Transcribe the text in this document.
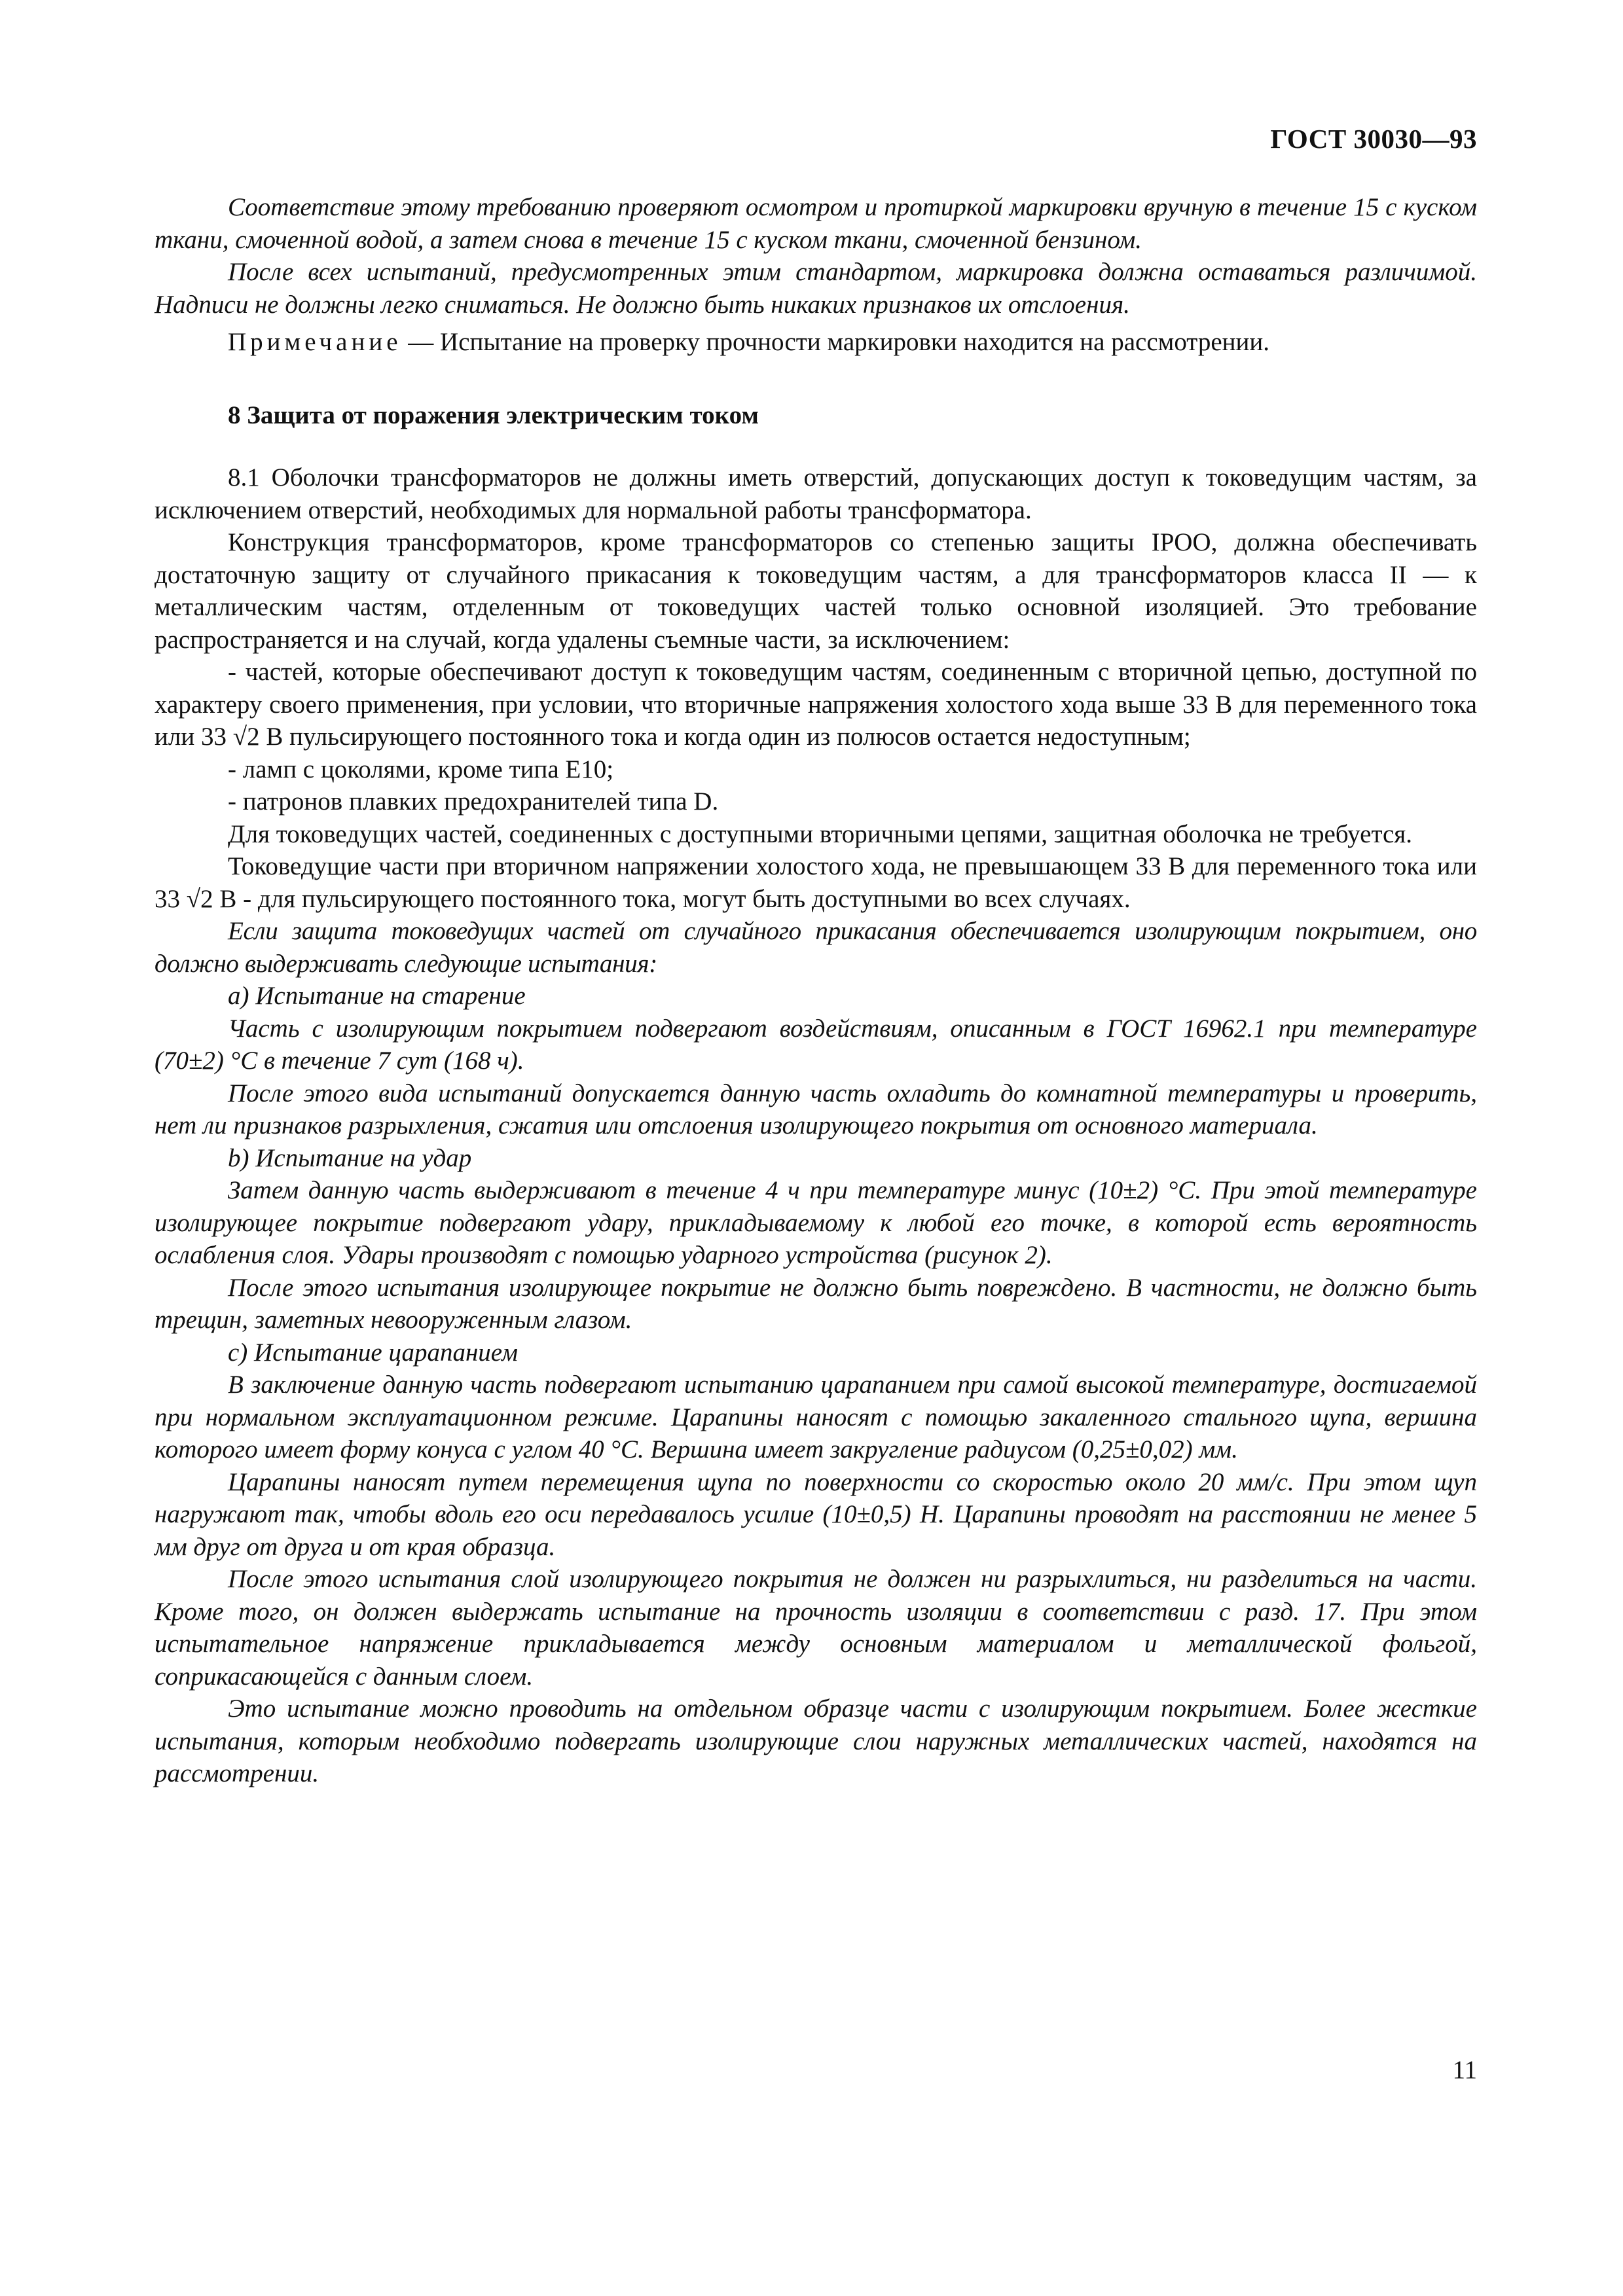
ГОСТ 30030—93

Соответствие этому требованию проверяют осмотром и протиркой маркировки вручную в течение 15 с куском ткани, смоченной водой, а затем снова в течение 15 с куском ткани, смоченной бензином.

После всех испытаний, предусмотренных этим стандартом, маркировка должна оставаться различимой. Надписи не должны легко сниматься. Не должно быть никаких признаков их отслоения.

Примечание — Испытание на проверку прочности маркировки находится на рассмотрении.

8 Защита от поражения электрическим током

8.1 Оболочки трансформаторов не должны иметь отверстий, допускающих доступ к токоведущим частям, за исключением отверстий, необходимых для нормальной работы трансформатора.

Конструкция трансформаторов, кроме трансформаторов со степенью защиты IPOO, должна обеспечивать достаточную защиту от случайного прикасания к токоведущим частям, а для трансформаторов класса II — к металлическим частям, отделенным от токоведущих частей только основной изоляцией. Это требование распространяется и на случай, когда удалены съемные части, за исключением:

- частей, которые обеспечивают доступ к токоведущим частям, соединенным с вторичной цепью, доступной по характеру своего применения, при условии, что вторичные напряжения холостого хода выше 33 В для переменного тока или 33 √2 В пульсирующего постоянного тока и когда один из полюсов остается недоступным;

- ламп с цоколями, кроме типа E10;

- патронов плавких предохранителей типа D.

Для токоведущих частей, соединенных с доступными вторичными цепями, защитная оболочка не требуется.

Токоведущие части при вторичном напряжении холостого хода, не превышающем 33 В для переменного тока или 33 √2 В - для пульсирующего постоянного тока, могут быть доступными во всех случаях.

Если защита токоведущих частей от случайного прикасания обеспечивается изолирующим покрытием, оно должно выдерживать следующие испытания:

a) Испытание на старение

Часть с изолирующим покрытием подвергают воздействиям, описанным в ГОСТ 16962.1 при температуре (70±2) °С в течение 7 сут (168 ч).

После этого вида испытаний допускается данную часть охладить до комнатной температуры и проверить, нет ли признаков разрыхления, сжатия или отслоения изолирующего покрытия от основного материала.

b) Испытание на удар

Затем данную часть выдерживают в течение 4 ч при температуре минус (10±2) °С. При этой температуре изолирующее покрытие подвергают удару, прикладываемому к любой его точке, в которой есть вероятность ослабления слоя. Удары производят с помощью ударного устройства (рисунок 2).

После этого испытания изолирующее покрытие не должно быть повреждено. В частности, не должно быть трещин, заметных невооруженным глазом.

c) Испытание царапанием

В заключение данную часть подвергают испытанию царапанием при самой высокой температуре, достигаемой при нормальном эксплуатационном режиме. Царапины наносят с помощью закаленного стального щупа, вершина которого имеет форму конуса с углом 40 °С. Вершина имеет закругление радиусом (0,25±0,02) мм.

Царапины наносят путем перемещения щупа по поверхности со скоростью около 20 мм/с. При этом щуп нагружают так, чтобы вдоль его оси передавалось усилие (10±0,5) Н. Царапины проводят на расстоянии не менее 5 мм друг от друга и от края образца.

После этого испытания слой изолирующего покрытия не должен ни разрыхлиться, ни разделиться на части. Кроме того, он должен выдержать испытание на прочность изоляции в соответствии с разд. 17. При этом испытательное напряжение прикладывается между основным материалом и металлической фольгой, соприкасающейся с данным слоем.

Это испытание можно проводить на отдельном образце части с изолирующим покрытием. Более жесткие испытания, которым необходимо подвергать изолирующие слои наружных металлических частей, находятся на рассмотрении.

11
